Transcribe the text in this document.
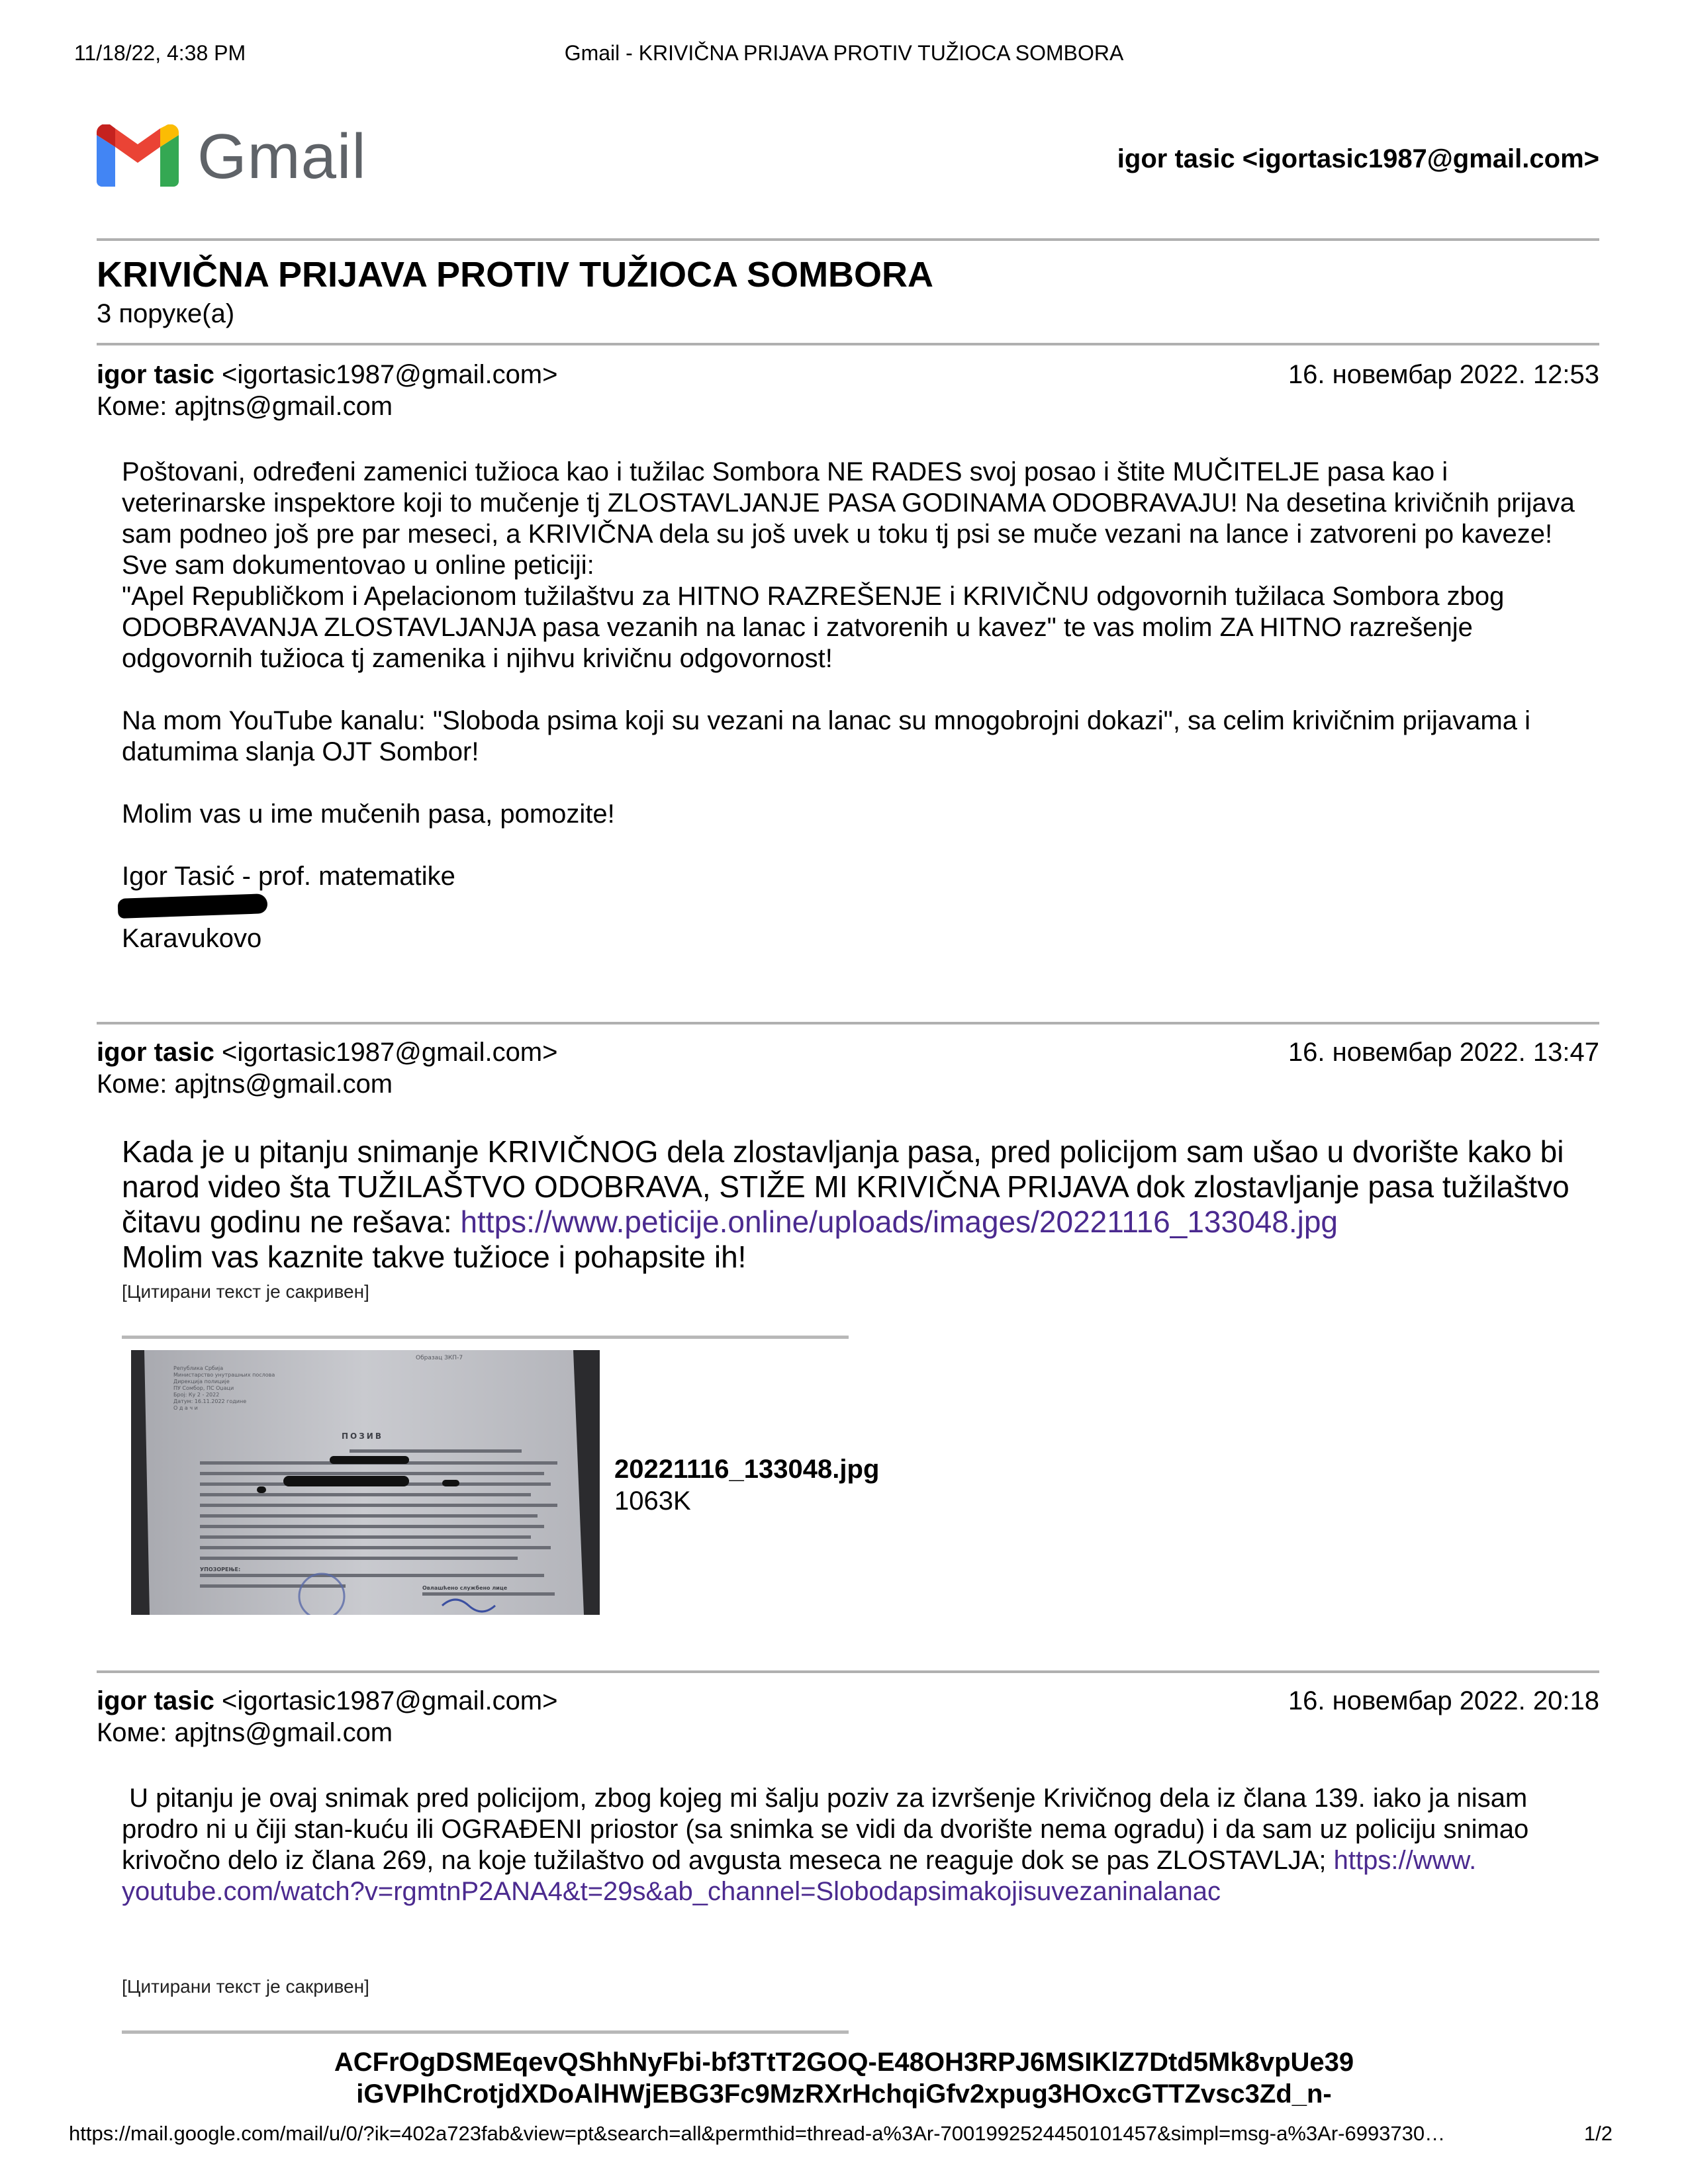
11/18/22, 4:38 PM	Gmail - KRIVIČNA PRIJAVA PROTIV TUŽIOCA SOMBORA
Gmail	igor tasic <igortasic1987@gmail.com>
KRIVIČNA PRIJAVA PROTIV TUŽIOCA SOMBORA
3 поруке(а)
igor tasic <igortasic1987@gmail.com>	16. новембар 2022. 12:53
Коме: apjtns@gmail.com

Poštovani, određeni zamenici tužioca kao i tužilac Sombora NE RADES svoj posao i štite MUČITELJE pasa kao i veterinarske inspektore koji to mučenje tj ZLOSTAVLJANJE PASA GODINAMA ODOBRAVAJU! Na desetina krivičnih prijava sam podneo još pre par meseci, a KRIVIČNA dela su još uvek u toku tj psi se muče vezani na lance i zatvoreni po kaveze!

Sve sam dokumentovao u online peticiji:

"Apel Republičkom i Apelacionom tužilaštvu za HITNO RAZREŠENJE i KRIVIČNU odgovornih tužilaca Sombora zbog ODOBRAVANJA ZLOSTAVLJANJA pasa vezanih na lanac i zatvorenih u kavez" te vas molim ZA HITNO razrešenje odgovornih tužioca tj zamenika i njihvu krivičnu odgovornost!

Na mom YouTube kanalu: "Sloboda psima koji su vezani na lanac su mnogobrojni dokazi", sa celim krivičnim prijavama i datumima slanja OJT Sombor!

Molim vas u ime mučenih pasa, pomozite!

Igor Tasić - prof. matematike

Karavukovo

igor tasic <igortasic1987@gmail.com>	16. новембар 2022. 13:47
Коме: apjtns@gmail.com
Kada je u pitanju snimanje KRIVIČNOG dela zlostavljanja pasa, pred policijom sam ušao u dvorište kako bi narod video šta TUŽILAŠTVO ODOBRAVA, STIŽE MI KRIVIČNA PRIJAVA dok zlostavljanje pasa tužilaštvo čitavu godinu ne rešava: https://www.peticije.online/uploads/images/20221116_133048.jpg
Molim vas kaznite takve tužioce i pohapsite ih!
[Цитирани текст је сакривен]
Република Србија Министарство унутрашњих послова Дирекција полиције ПУ Сомбор, ПС Оџаци Број: Ку 2 - 2022 Датум: 16.11.2022 године О д а ч и
Образац ЗКП-7
ПОЗИВ
УПОЗОРЕЊЕ:
Овлашћено службено лице
20221116_133048.jpg
1063K
igor tasic <igortasic1987@gmail.com>	16. новембар 2022. 20:18
Коме: apjtns@gmail.com
U pitanju je ovaj snimak pred policijom, zbog kojeg mi šalju poziv za izvršenje Krivičnog dela iz člana 139. iako ja nisam prodro ni u čiji stan-kuću ili OGRAĐENI priostor (sa snimka se vidi da dvorište nema ogradu) i da sam uz policiju snimao krivočno delo iz člana 269, na koje tužilaštvo od avgusta meseca ne reaguje dok se pas ZLOSTAVLJA; https://www.
youtube.com/watch?v=rgmtnP2ANA4&t=29s&ab_channel=Slobodapsimakojisuvezaninalanac
[Цитирани текст је сакривен]
ACFrOgDSMEqevQShhNyFbi-bf3TtT2GOQ-E48OH3RPJ6MSIKlZ7Dtd5Mk8vpUe39
iGVPIhCrotjdXDoAlHWjEBG3Fc9MzRXrHchqiGfv2xpug3HOxcGTTZvsc3Zd_n-
https://mail.google.com/mail/u/0/?ik=402a723fab&view=pt&search=all&permthid=thread-a%3Ar-7001992524450101457&simpl=msg-a%3Ar-6993730…	1/2
